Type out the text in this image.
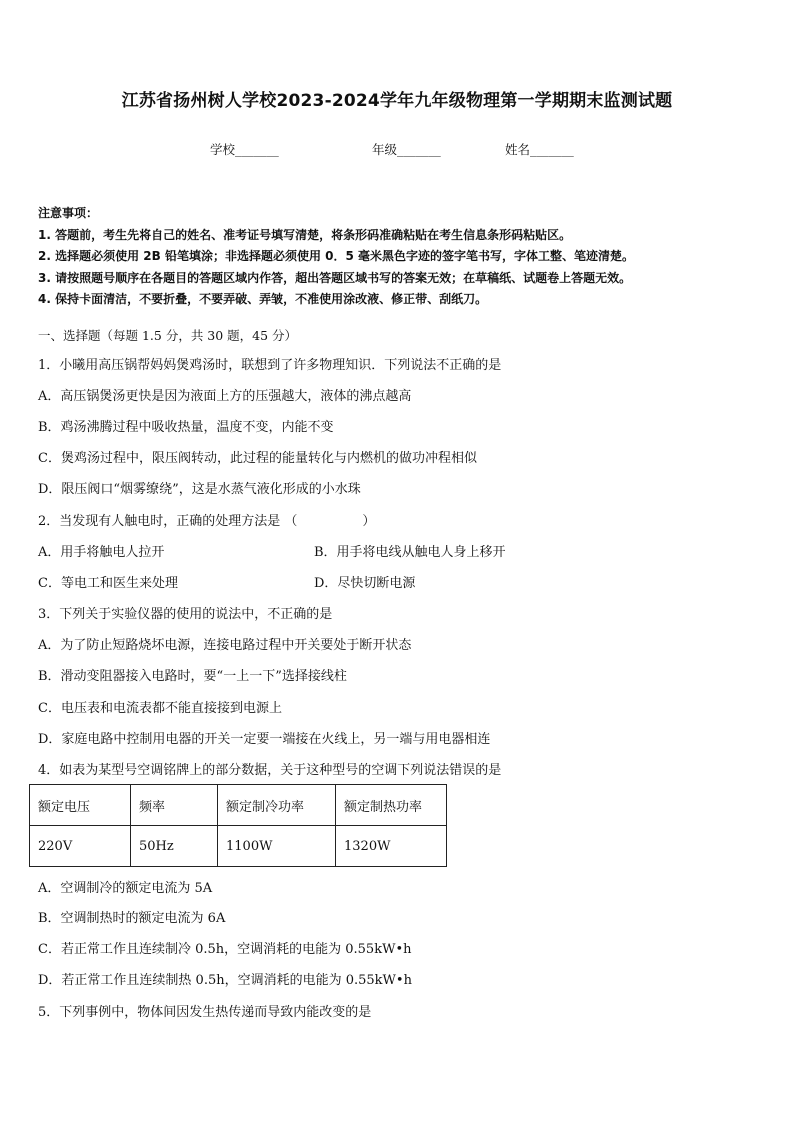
江苏省扬州树人学校2023-2024学年九年级物理第一学期期末监测试题
学校_______	年级_______	姓名_______
注意事项：
1. 答题前，考生先将自己的姓名、准考证号填写清楚，将条形码准确粘贴在考生信息条形码粘贴区。
2. 选择题必须使用 2B 铅笔填涂；非选择题必须使用 0．5 毫米黑色字迹的签字笔书写，字体工整、笔迹清楚。
3. 请按照题号顺序在各题目的答题区域内作答，超出答题区域书写的答案无效；在草稿纸、试题卷上答题无效。
4. 保持卡面清洁，不要折叠，不要弄破、弄皱，不准使用涂改液、修正带、刮纸刀。
一、选择题（每题 1.5 分，共 30 题，45 分）
1．小曦用高压锅帮妈妈煲鸡汤时，联想到了许多物理知识．下列说法不正确的是
A．高压锅煲汤更快是因为液面上方的压强越大，液体的沸点越高
B．鸡汤沸腾过程中吸收热量，温度不变，内能不变
C．煲鸡汤过程中，限压阀转动，此过程的能量转化与内燃机的做功冲程相似
D．限压阀口“烟雾缭绕”，这是水蒸气液化形成的小水珠
2．当发现有人触电时，正确的处理方法是 （　　　　　）
A．用手将触电人拉开	B．用手将电线从触电人身上移开
C．等电工和医生来处理	D．尽快切断电源
3．下列关于实验仪器的使用的说法中，不正确的是
A．为了防止短路烧坏电源，连接电路过程中开关要处于断开状态
B．滑动变阻器接入电路时，要“一上一下”选择接线柱
C．电压表和电流表都不能直接接到电源上
D．家庭电路中控制用电器的开关一定要一端接在火线上，另一端与用电器相连
4．如表为某型号空调铭牌上的部分数据，关于这种型号的空调下列说法错误的是
额定电压	频率	额定制冷功率	额定制热功率
220V	50Hz	1100W	1320W
A．空调制冷的额定电流为 5A
B．空调制热时的额定电流为 6A
C．若正常工作且连续制冷 0.5h，空调消耗的电能为 0.55kW•h
D．若正常工作且连续制热 0.5h，空调消耗的电能为 0.55kW•h
5．下列事例中，物体间因发生热传递而导致内能改变的是
